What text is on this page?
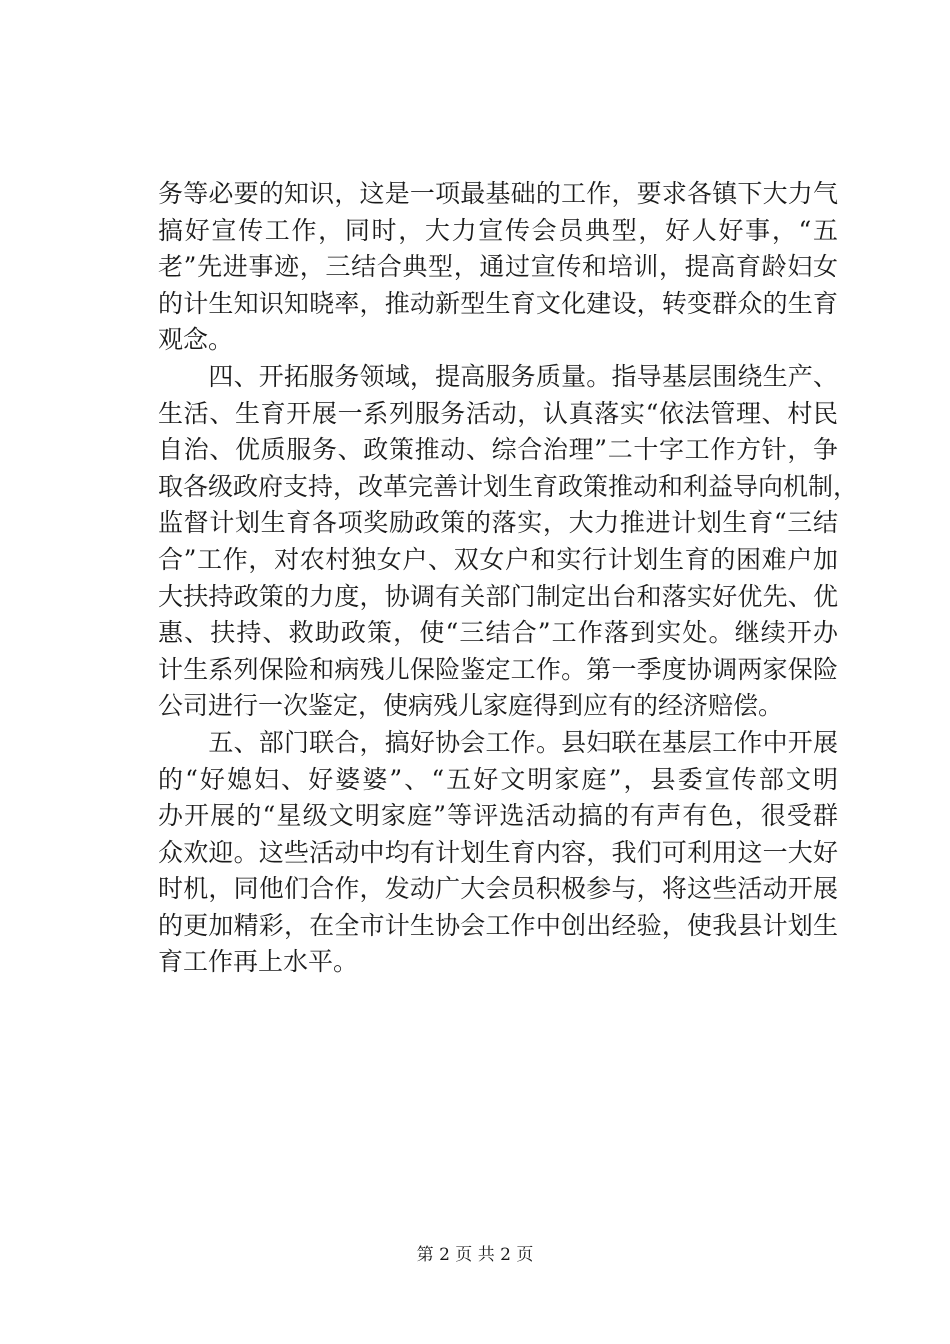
务等必要的知识，这是一项最基础的工作，要求各镇下大力气
搞好宣传工作，同时，大力宣传会员典型，好人好事，“五
老”先进事迹，三结合典型，通过宣传和培训，提高育龄妇女
的计生知识知晓率，推动新型生育文化建设，转变群众的生育
观念。
　　四、开拓服务领域，提高服务质量。指导基层围绕生产、
生活、生育开展一系列服务活动，认真落实“依法管理、村民
自治、优质服务、政策推动、综合治理”二十字工作方针，争
取各级政府支持，改革完善计划生育政策推动和利益导向机制，
监督计划生育各项奖励政策的落实，大力推进计划生育“三结
合”工作，对农村独女户、双女户和实行计划生育的困难户加
大扶持政策的力度，协调有关部门制定出台和落实好优先、优
惠、扶持、救助政策，使“三结合”工作落到实处。继续开办
计生系列保险和病残儿保险鉴定工作。第一季度协调两家保险
公司进行一次鉴定，使病残儿家庭得到应有的经济赔偿。
　　五、部门联合，搞好协会工作。县妇联在基层工作中开展
的“好媳妇、好婆婆”、“五好文明家庭”，县委宣传部文明
办开展的“星级文明家庭”等评选活动搞的有声有色，很受群
众欢迎。这些活动中均有计划生育内容，我们可利用这一大好
时机，同他们合作，发动广大会员积极参与，将这些活动开展
的更加精彩，在全市计生协会工作中创出经验，使我县计划生
育工作再上水平。
第 2 页 共 2 页
